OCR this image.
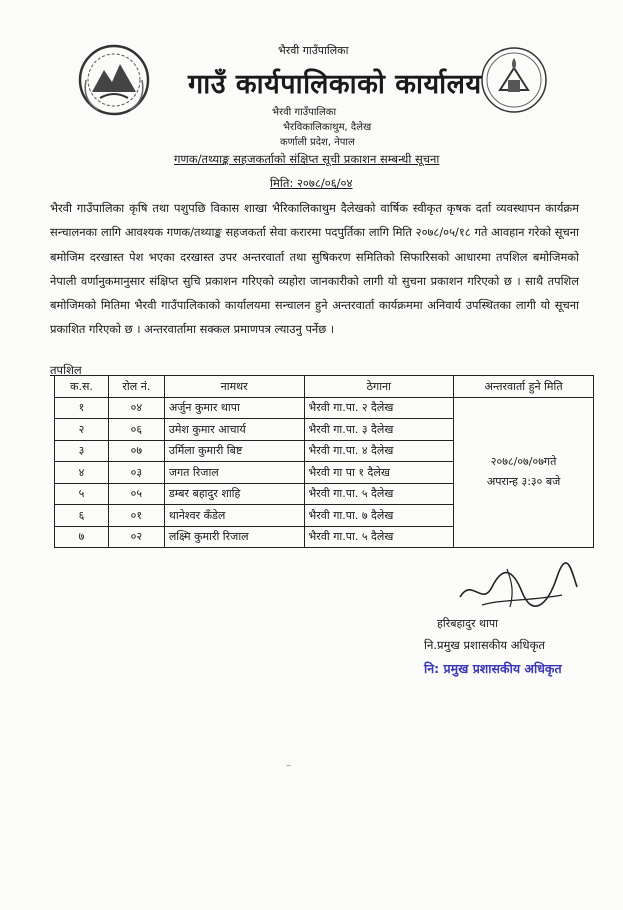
भैरवी गाउँपालिका
गाउँ कार्यपालिकाको कार्यालय
भैरवी गाउँपालिका
भैरविकालिकाथुम, दैलेख
कर्णाली प्रदेश, नेपाल
गणक/तथ्याङ्क सहजकर्ताको संक्षिप्त सूची प्रकाशन सम्बन्धी सूचना
मिति: २०७८/०६/०४

भैरवी गाउँपालिका कृषि तथा पशुपछि विकास शाखा भैरिकालिकाथुम दैलेखको वार्षिक स्वीकृत कृषक दर्ता व्यवस्थापन कार्यक्रम सन्चालनका लागि आवश्यक गणक/तथ्याङ्क सहजकर्ता सेवा करारमा पदपुर्तिका लागि मिति २०७८/०५/१८ गते आवहान गरेको सूचना बमोजिम दरखास्त पेश भएका दरखास्त उपर अन्तरवार्ता तथा सुषिकरण समितिको सिफारिसको आधारमा तपशिल बमोजिमको नेपाली वर्णानुकमानुसार संक्षिप्त सुचि प्रकाशन गरिएको व्यहोरा जानकारीको लागी यो सुचना प्रकाशन गरिएको छ । साथै तपशिल बमोजिमको मितिमा भैरवी गाउँपालिकाको कार्यालयमा सन्चालन हुने अन्तरवार्ता कार्यक्रममा अनिवार्य उपस्थितका लागी यो सूचना प्रकाशित गरिएको छ । अन्तरवार्तामा सक्कल प्रमाणपत्र ल्याउनु पर्नेछ ।

तपशिल
क.स.	रोल नं.	नामथर	ठेगाना	अन्तरवार्ता हुने मिति
१	०४	अर्जुन कुमार थापा	भैरवी गा.पा. २ दैलेख	२०७८/०७/०७गते
अपरान्ह ३:३० बजे

२	०६	उमेश कुमार आचार्य	भैरवी गा.पा. ३ दैलेख	
३	०७	उर्मिला कुमारी बिष्ट	भैरवी गा.पा. ४ दैलेख	
४	०३	जगत रिजाल	भैरवी गा पा १ दैलेख	
५	०५	डम्बर बहादुर शाहि	भैरवी गा.पा. ५ दैलेख	
६	०१	थानेश्वर कँडेल	भैरवी गा.पा. ७ दैलेख	
७	०२	लक्ष्मि कुमारी रिजाल	भैरवी गा.पा. ५ दैलेख	
हरिबहादुर थापा
नि.प्रमुख प्रशासकीय अधिकृत
नि: प्रमुख प्रशासकीय अधिकृत
–
